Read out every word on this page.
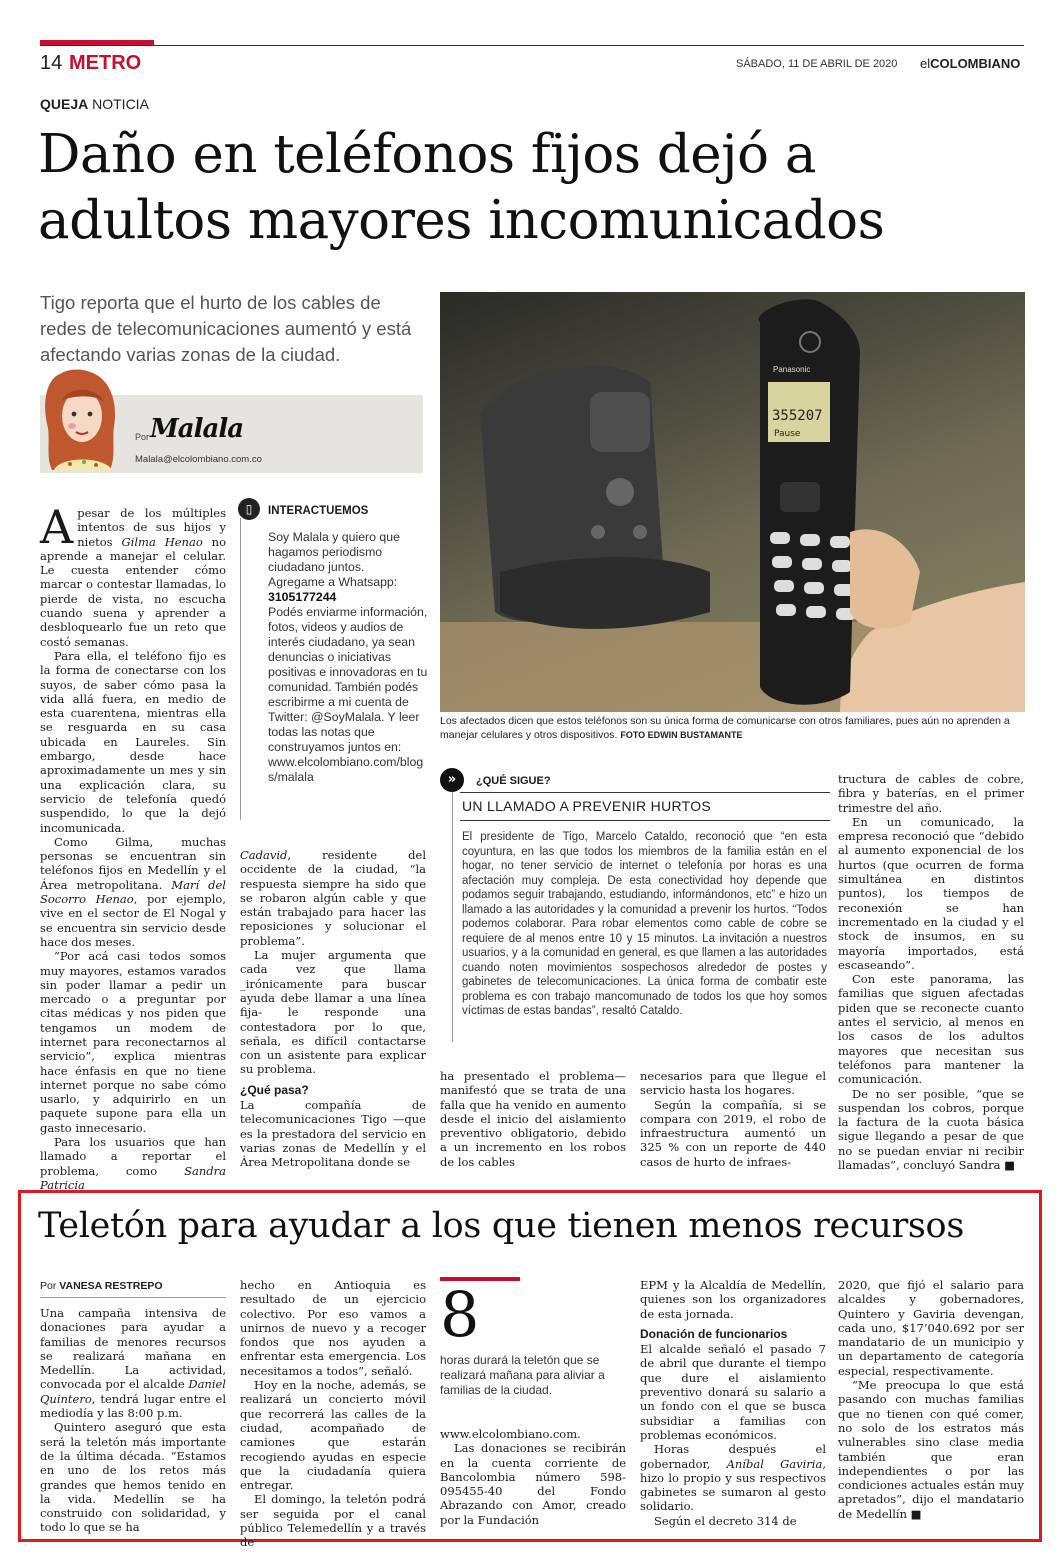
14 METRO	SÁBADO, 11 DE ABRIL DE 2020 elCOLOMBIANO
QUEJA NOTICIA
Daño en teléfonos fijos dejó a
adultos mayores incomunicados
Tigo reporta que el hurto de los cables de redes de telecomunicaciones aumentó y está afectando varias zonas de la ciudad.
Por Malala
Malala@elcolombiano.com.co
355207
Pause
Panasonic
Los afectados dicen que estos teléfonos son su única forma de comunicarse con otros familiares, pues aún no aprenden a manejar celulares y otros dispositivos. FOTO EDWIN BUSTAMANTE

Apesar de los múltiples intentos de sus hijos y nietos Gilma Henao no aprende a manejar el celular. Le cuesta entender cómo marcar o contestar llamadas, lo pierde de vista, no escucha cuando suena y aprender a desbloquearlo fue un reto que costó semanas.

Para ella, el teléfono fijo es la forma de conectarse con los suyos, de saber cómo pasa la vida allá fuera, en medio de esta cuarentena, mientras ella se resguarda en su casa ubicada en Laureles. Sin embargo, desde hace aproximadamente un mes y sin una explicación clara, su servicio de telefonía quedó suspendido, lo que la dejó incomunicada.

Como Gilma, muchas personas se encuentran sin teléfonos fijos en Medellín y el Área metropolitana. Marí del Socorro Henao, por ejemplo, vive en el sector de El Nogal y se encuentra sin servicio desde hace dos meses.

“Por acá casi todos somos muy mayores, estamos varados sin poder llamar a pedir un mercado o a preguntar por citas médicas y nos piden que tengamos un modem de internet para reconectarnos al servicio”, explica mientras hace énfasis en que no tiene internet porque no sabe cómo usarlo, y adquirirlo en un paquete supone para ella un gasto innecesario.

Para los usuarios que han llamado a reportar el problema, como Sandra Patricia

▯	INTERACTUEMOS
Soy Malala y quiero que hagamos periodismo ciudadano juntos.
Agregame a Whatsapp:
3105177244
Podés enviarme información, fotos, videos y audios de interés ciudadano, ya sean denuncias o iniciativas positivas e innovadoras en tu comunidad. También podés escribirme a mi cuenta de Twitter: @SoyMalala. Y leer todas las notas que construyamos juntos en: www.elcolombiano.com/blogs/malala

Cadavid, residente del occidente de la ciudad, “la respuesta siempre ha sido que se robaron algún cable y que están trabajado para hacer las reposiciones y solucionar el problema”.

La mujer argumenta que cada vez que llama _irónicamente para buscar ayuda debe llamar a una línea fija- le responde una contestadora por lo que, señala, es difícil contactarse con un asistente para explicar su problema.

¿Qué pasa?

La compañía de telecomunicaciones Tigo —que es la prestadora del servicio en varias zonas de Medellín y el Área Metropolitana donde se

»	¿QUÉ SIGUE?
UN LLAMADO A PREVENIR HURTOS
El presidente de Tigo, Marcelo Cataldo, reconoció que “en esta coyuntura, en las que todos los miembros de la familia están en el hogar, no tener servicio de internet o telefonía por horas es una afectación muy compleja. De esta conectividad hoy depende que podamos seguir trabajando, estudiando, informándonos, etc” e hizo un llamado a las autoridades y la comunidad a prevenir los hurtos. “Todos podemos colaborar. Para robar elementos como cable de cobre se requiere de al menos entre 10 y 15 minutos. La invitación a nuestros usuarios, y a la comunidad en general, es que llamen a las autoridades cuando noten movimientos sospechosos alrededor de postes y gabinetes de telecomunicaciones. La única forma de combatir este problema es con trabajo mancomunado de todos los que hoy somos víctimas de estas bandas”, resaltó Cataldo.

ha presentado el problema— manifestó que se trata de una falla que ha venido en aumento desde el inicio del aislamiento preventivo obligatorio, debido a un incremento en los robos de los cables

necesarios para que llegue el servicio hasta los hogares.

Según la compañía, si se compara con 2019, el robo de infraestructura aumentó un 325 % con un reporte de 440 casos de hurto de infraes-

tructura de cables de cobre, fibra y baterías, en el primer trimestre del año.

En un comunicado, la empresa reconoció que “debido al aumento exponencial de los hurtos (que ocurren de forma simultánea en distintos puntos), los tiempos de reconexión se han incrementado en la ciudad y el stock de insumos, en su mayoría importados, está escaseando”.

Con este panorama, las familias que siguen afectadas piden que se reconecte cuanto antes el servicio, al menos en los casos de los adultos mayores que necesitan sus teléfonos para mantener la comunicación.

De no ser posible, “que se suspendan los cobros, porque la factura de la cuota básica sigue llegando a pesar de que no se puedan enviar ni recibir llamadas”, concluyó Sandra ■

Teletón para ayudar a los que tienen menos recursos
Por VANESA RESTREPO

Una campaña intensiva de donaciones para ayudar a familias de menores recursos se realizará mañana en Medellín. La actividad, convocada por el alcalde Daniel Quintero, tendrá lugar entre el mediodía y las 8:00 p.m.

Quintero aseguró que esta será la teletón más importante de la última década. “Estamos en uno de los retos más grandes que hemos tenido en la vida. Medellín se ha construido con solidaridad, y todo lo que se ha

hecho en Antioquia es resultado de un ejercicio colectivo. Por eso vamos a unirnos de nuevo y a recoger fondos que nos ayuden a enfrentar esta emergencia. Los necesitamos a todos”, señaló.

Hoy en la noche, además, se realizará un concierto móvil que recorrerá las calles de la ciudad, acompañado de camiones que estarán recogiendo ayudas en especie que la ciudadanía quiera entregar.

El domingo, la teletón podrá ser seguida por el canal público Telemedellín y a través de

8
horas durará la teletón que se realizará mañana para aliviar a familias de la ciudad.

www.elcolombiano.com.

Las donaciones se recibirán en la cuenta corriente de Bancolombia número 598-095455-40 del Fondo Abrazando con Amor, creado por la Fundación

EPM y la Alcaldía de Medellín, quienes son los organizadores de esta jornada.

Donación de funcionarios

El alcalde señaló el pasado 7 de abril que durante el tiempo que dure el aislamiento preventivo donará su salario a un fondo con el que se busca subsidiar a familias con problemas económicos.

Horas después el gobernador, Aníbal Gaviria, hizo lo propio y sus respectivos gabinetes se sumaron al gesto solidario.

Según el decreto 314 de

2020, que fijó el salario para alcaldes y gobernadores, Quintero y Gaviria devengan, cada uno, $17’040.692 por ser mandatario de un municipio y un departamento de categoría especial, respectivamente.

“Me preocupa lo que está pasando con muchas familias que no tienen con qué comer, no solo de los estratos más vulnerables sino clase media también que eran independientes o por las condiciones actuales están muy apretados”, dijo el mandatario de Medellín ■
